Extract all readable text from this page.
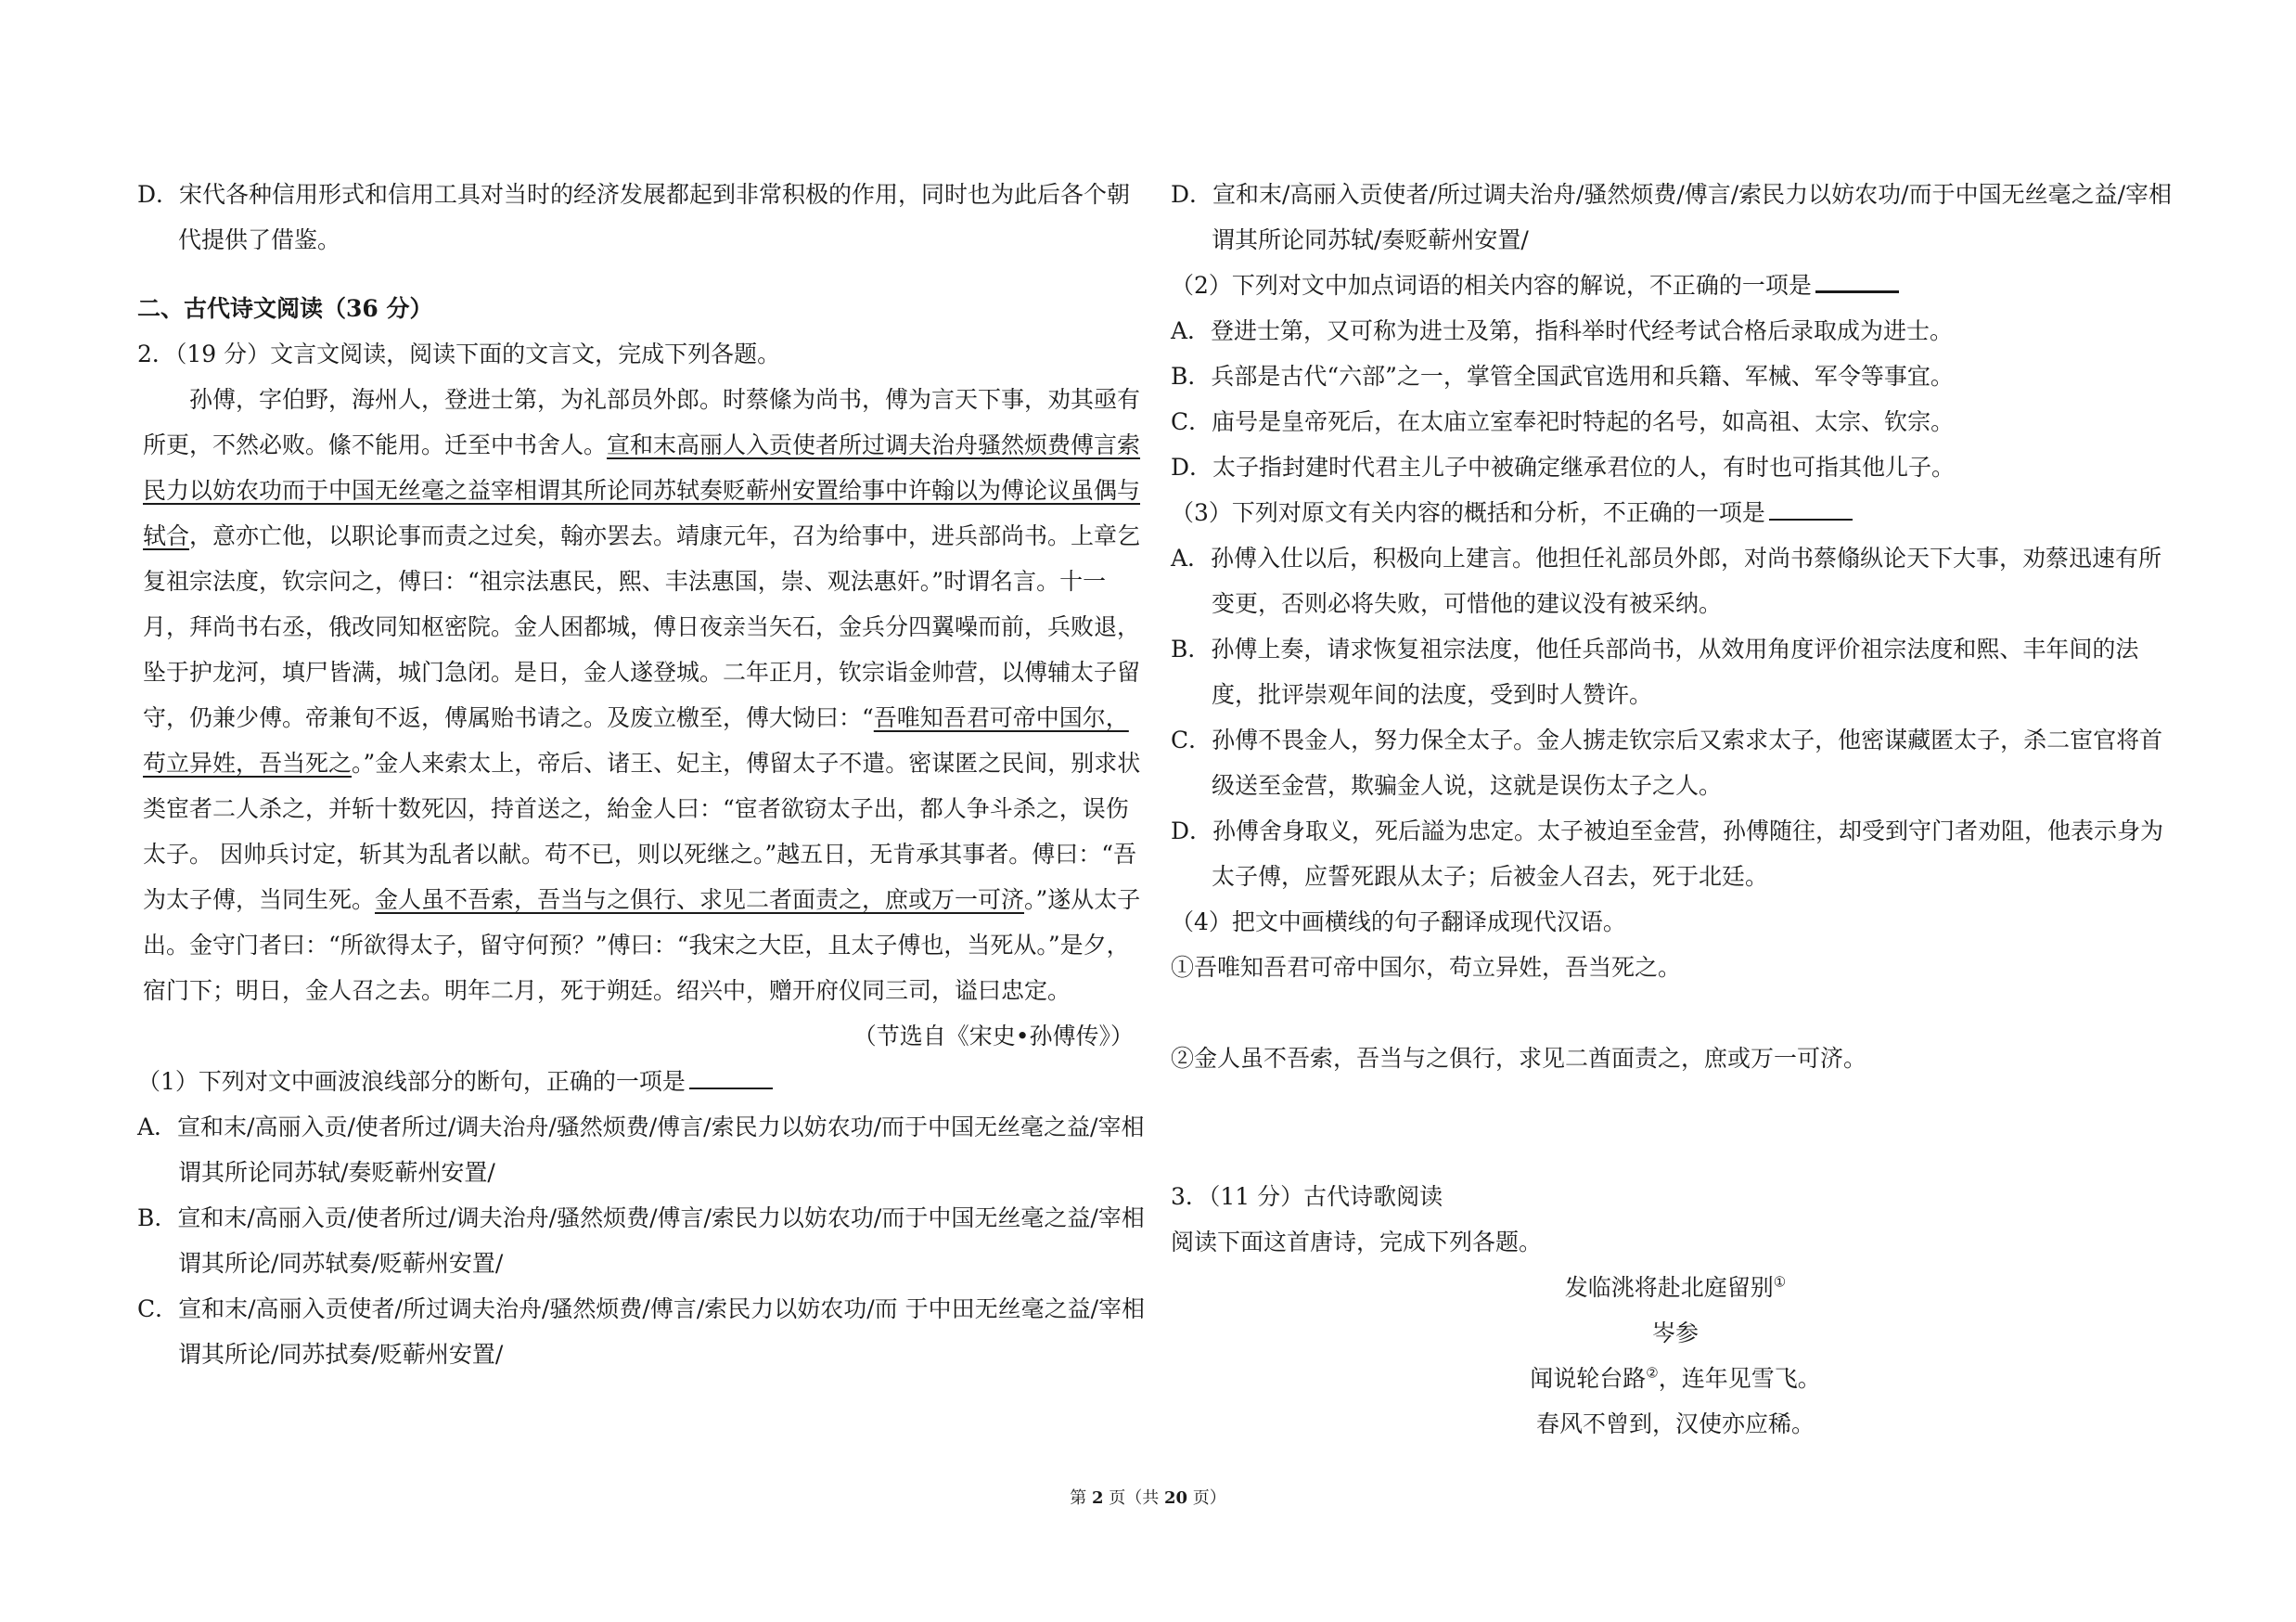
D．宋代各种信用形式和信用工具对当时的经济发展都起到非常积极的作用，同时也为此后各个朝代提供了借鉴。

二、古代诗文阅读（36 分）

2．（19 分）文言文阅读，阅读下面的文言文，完成下列各题。

孙傅，字伯野，海州人，登进士第，为礼部员外郎。时蔡絛为尚书，傅为言天下事，劝其亟有所更，不然必败。絛不能用。迁至中书舍人。宣和末高丽人入贡使者所过调夫治舟骚然烦费傅言索民力以妨农功而于中国无丝毫之益宰相谓其所论同苏轼奏贬蕲州安置给事中许翰以为傅论议虽偶与轼合，意亦亡他，以职论事而责之过矣，翰亦罢去。靖康元年，召为给事中，进兵部尚书。上章乞复祖宗法度，钦宗问之，傅曰：“祖宗法惠民，熙、丰法惠国，崇、观法惠奸。”时谓名言。十一月，拜尚书右丞，俄改同知枢密院。金人困都城，傅日夜亲当矢石，金兵分四翼噪而前，兵败退，坠于护龙河，填尸皆满，城门急闭。是日，金人遂登城。二年正月，钦宗诣金帅营，以傅辅太子留守，仍兼少傅。帝兼旬不返，傅属贻书请之。及废立檄至，傅大恸曰：“吾唯知吾君可帝中国尔，苟立异姓，吾当死之。”金人来索太上，帝后、诸王、妃主，傅留太子不遣。密谋匿之民间，别求状类宦者二人杀之，并斩十数死囚，持首送之，紿金人曰：“宦者欲窃太子出，都人争斗杀之，误伤太子。 因帅兵讨定，斩其为乱者以献。苟不已，则以死继之。”越五日，无肯承其事者。傅曰：“吾为太子傅，当同生死。金人虽不吾索，吾当与之俱行、求见二者面责之，庶或万一可济。”遂从太子出。金守门者曰：“所欲得太子，留守何预？”傅曰：“我宋之大臣，且太子傅也，当死从。”是夕，宿门下；明日，金人召之去。明年二月，死于朔廷。绍兴中，赠开府仪同三司，谥曰忠定。

（节选自《宋史•孙傅传》）

（1）下列对文中画波浪线部分的断句，正确的一项是

A．宣和末/高丽入贡/使者所过/调夫治舟/骚然烦费/傅言/索民力以妨农功/而于中国无丝毫之益/宰相谓其所论同苏轼/奏贬蕲州安置/

B．宣和末/高丽入贡/使者所过/调夫治舟/骚然烦费/傅言/索民力以妨农功/而于中国无丝毫之益/宰相谓其所论/同苏轼奏/贬蕲州安置/

C．宣和末/高丽入贡使者/所过调夫治舟/骚然烦费/傅言/索民力以妨农功/而 于中田无丝毫之益/宰相谓其所论/同苏拭奏/贬蕲州安置/

D．宣和末/高丽入贡使者/所过调夫治舟/骚然烦费/傅言/索民力以妨农功/而于中国无丝毫之益/宰相谓其所论同苏轼/奏贬蕲州安置/

（2）下列对文中加点词语的相关内容的解说，不正确的一项是

A．登进士第，又可称为进士及第，指科举时代经考试合格后录取成为进士。

B．兵部是古代“六部”之一，掌管全国武官选用和兵籍、军械、军令等事宜。

C．庙号是皇帝死后，在太庙立室奉祀时特起的名号，如高祖、太宗、钦宗。

D．太子指封建时代君主儿子中被确定继承君位的人，有时也可指其他儿子。

（3）下列对原文有关内容的概括和分析，不正确的一项是

A．孙傅入仕以后，积极向上建言。他担任礼部员外郎，对尚书蔡翛纵论天下大事，劝蔡迅速有所变更，否则必将失败，可惜他的建议没有被采纳。

B．孙傅上奏，请求恢复祖宗法度，他任兵部尚书，从效用角度评价祖宗法度和熙、丰年间的法度，批评崇观年间的法度，受到时人赞许。

C．孙傅不畏金人，努力保全太子。金人掳走钦宗后又索求太子，他密谋藏匿太子，杀二宦官将首级送至金营，欺骗金人说，这就是误伤太子之人。

D．孙傅舍身取义，死后謚为忠定。太子被迫至金营，孙傅随往，却受到守门者劝阻，他表示身为太子傅，应誓死跟从太子；后被金人召去，死于北廷。

（4）把文中画横线的句子翻译成现代汉语。

①吾唯知吾君可帝中国尔，苟立异姓，吾当死之。

②金人虽不吾索，吾当与之俱行，求见二酋面责之，庶或万一可济。

3．（11 分）古代诗歌阅读

阅读下面这首唐诗，完成下列各题。

发临洮将赴北庭留别①

岑参

闻说轮台路②，连年见雪飞。

春风不曾到，汉使亦应稀。

第 2 页（共 20 页）
